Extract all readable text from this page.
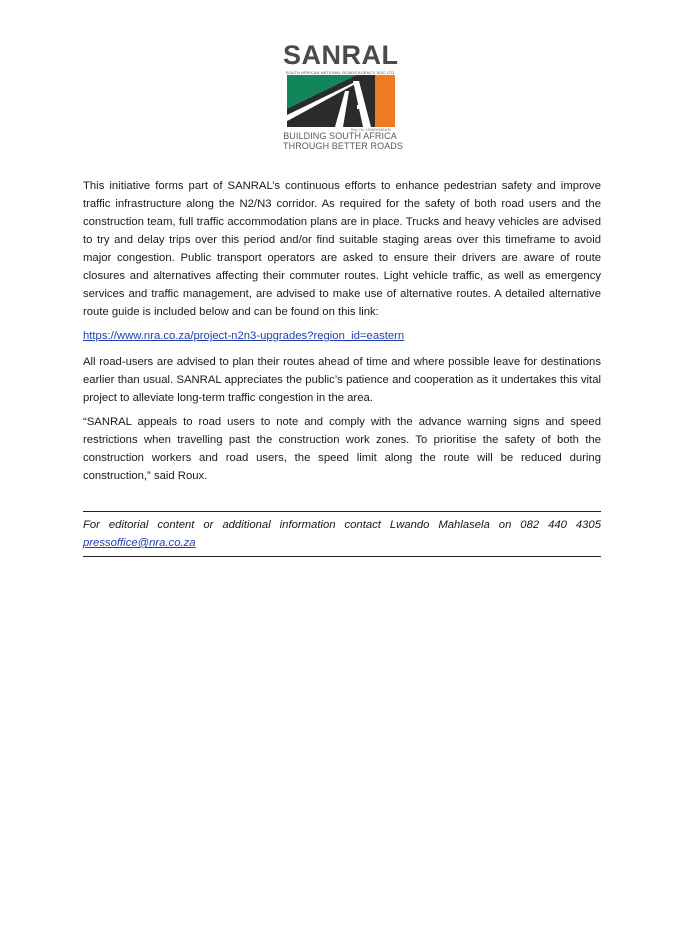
SANRAL
SOUTH AFRICAN NATIONAL ROADS AGENCY SOC LTD
Reg. No. 1998/009584/30
BUILDING SOUTH AFRICA
THROUGH BETTER ROADS

This initiative forms part of SANRAL’s continuous efforts to enhance pedestrian safety and improve traffic infrastructure along the N2/N3 corridor. As required for the safety of both road users and the construction team, full traffic accommodation plans are in place. Trucks and heavy vehicles are advised to try and delay trips over this period and/or find suitable staging areas over this timeframe to avoid major congestion. Public transport operators are asked to ensure their drivers are aware of route closures and alternatives affecting their commuter routes. Light vehicle traffic, as well as emergency services and traffic management, are advised to make use of alternative routes. A detailed alternative route guide is included below and can be found on this link:

https://www.nra.co.za/project-n2n3-upgrades?region_id=eastern

All road-users are advised to plan their routes ahead of time and where possible leave for destinations earlier than usual. SANRAL appreciates the public’s patience and cooperation as it undertakes this vital project to alleviate long-term traffic congestion in the area.

“SANRAL appeals to road users to note and comply with the advance warning signs and speed restrictions when travelling past the construction work zones. To prioritise the safety of both the construction workers and road users, the speed limit along the route will be reduced during construction,” said Roux.

For editorial content or additional information contact Lwando Mahlasela on 082 440 4305
pressoffice@nra.co.za
